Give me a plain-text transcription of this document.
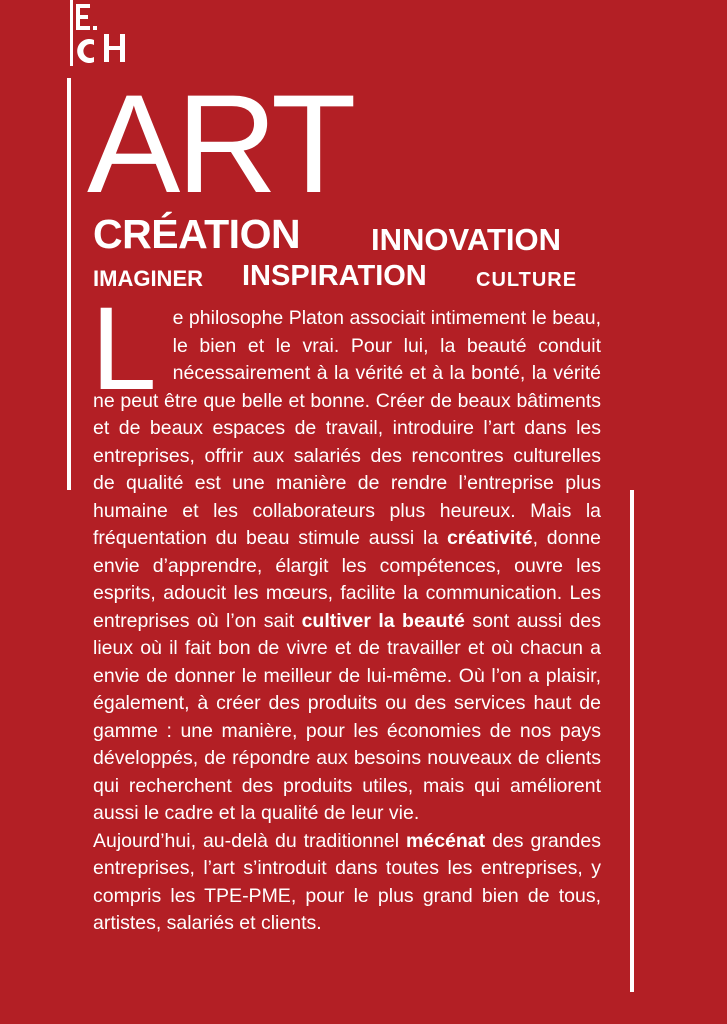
ART
CRÉATION INNOVATION
IMAGINER INSPIRATION CULTURE
Le philosophe Platon associait intimement le beau, le bien et le vrai. Pour lui, la beauté conduit nécessairement à la vérité et à la bonté, la vérité ne peut être que belle et bonne. Créer de beaux bâtiments et de beaux espaces de travail, introduire l’art dans les entreprises, offrir aux salariés des rencontres culturelles de qualité est une manière de rendre l’entreprise plus humaine et les collaborateurs plus heureux. Mais la fréquentation du beau stimule aussi la créativité, donne envie d’apprendre, élargit les compétences, ouvre les esprits, adoucit les mœurs, facilite la communication. Les entreprises où l’on sait cultiver la beauté sont aussi des lieux où il fait bon de vivre et de travailler et où chacun a envie de donner le meilleur de lui-même. Où l’on a plaisir, également, à créer des produits ou des services haut de gamme : une manière, pour les économies de nos pays développés, de répondre aux besoins nouveaux de clients qui recherchent des produits utiles, mais qui améliorent aussi le cadre et la qualité de leur vie.
Aujourd’hui, au-delà du traditionnel mécénat des grandes entreprises, l’art s’introduit dans toutes les entreprises, y compris les TPE-PME, pour le plus grand bien de tous, artistes, salariés et clients.
